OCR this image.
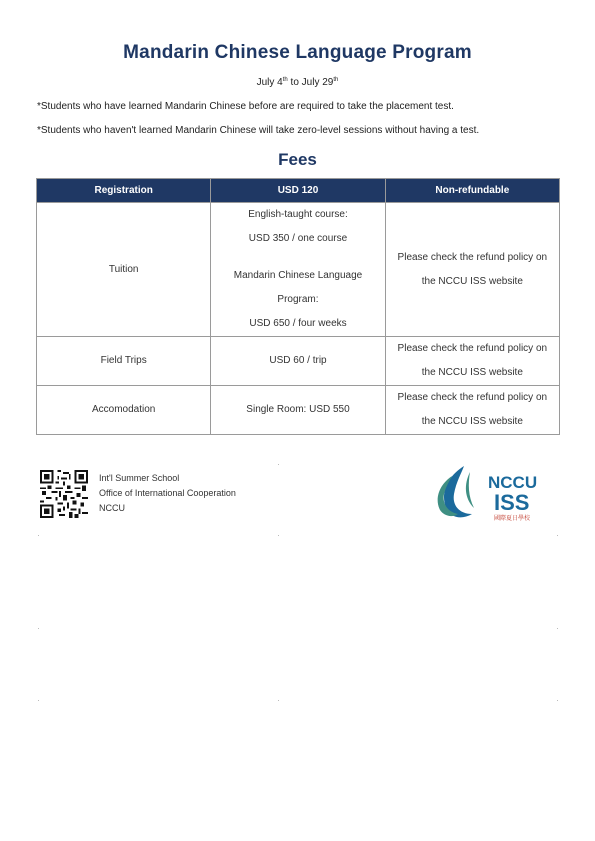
Mandarin Chinese Language Program
July 4th to July 29th
*Students who have learned Mandarin Chinese before are required to take the placement test.
*Students who haven't learned Mandarin Chinese will take zero-level sessions without having a test.
Fees
Registration	USD 120	Non-refundable
Tuition	English-taught course:
USD 350 / one course
Mandarin Chinese Language
Program:
USD 650 / four weeks	Please check the refund policy on
the NCCU ISS website

Field Trips	USD 60 / trip	Please check the refund policy on
the NCCU ISS website

Accomodation	Single Room: USD 550	Please check the refund policy on
the NCCU ISS website
Int'l Summer School
Office of International Cooperation
NCCU
NCCU
ISS
國際夏日學校
